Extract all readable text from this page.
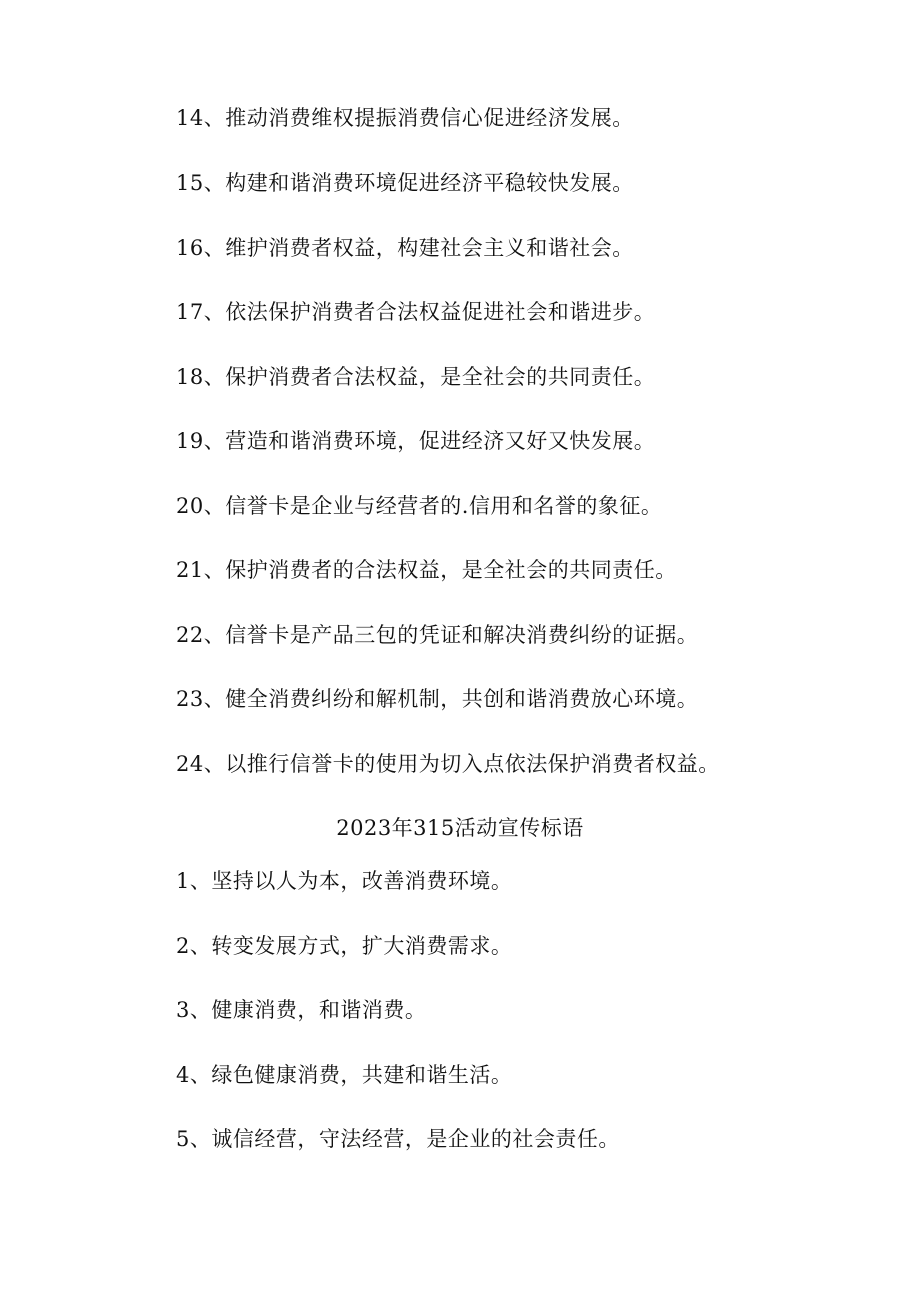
14、推动消费维权提振消费信心促进经济发展。
15、构建和谐消费环境促进经济平稳较快发展。
16、维护消费者权益，构建社会主义和谐社会。
17、依法保护消费者合法权益促进社会和谐进步。
18、保护消费者合法权益，是全社会的共同责任。
19、营造和谐消费环境，促进经济又好又快发展。
20、信誉卡是企业与经营者的.信用和名誉的象征。
21、保护消费者的合法权益，是全社会的共同责任。
22、信誉卡是产品三包的凭证和解决消费纠纷的证据。
23、健全消费纠纷和解机制，共创和谐消费放心环境。
24、以推行信誉卡的使用为切入点依法保护消费者权益。
2023年315活动宣传标语
1、坚持以人为本，改善消费环境。
2、转变发展方式，扩大消费需求。
3、健康消费，和谐消费。
4、绿色健康消费，共建和谐生活。
5、诚信经营，守法经营，是企业的社会责任。
